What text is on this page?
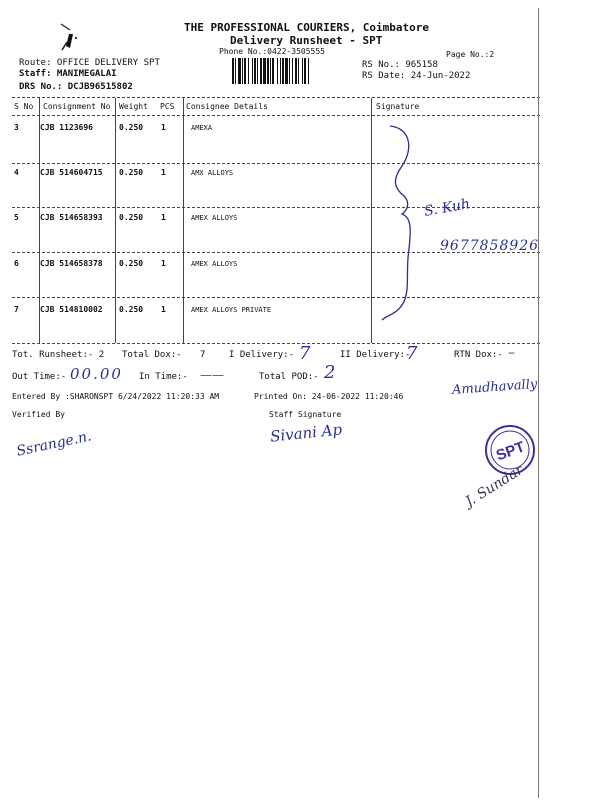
THE PROFESSIONAL COURIERS, Coimbatore
Delivery Runsheet - SPT
Phone No.:0422-3505555	Page No.:2
Route: OFFICE DELIVERY SPT
Staff: MANIMEGALAI
DRS No.: DCJB96515802
RS No.: 965158
RS Date: 24-Jun-2022
S No Consignment No Weight PCS Consignee Details	Signature
3	CJB 1123696	0.250 1	AMEXA
4	CJB 514604715 0.250 1	AMX ALLOYS
5	CJB 514658393 0.250 1	AMEX ALLOYS
6	CJB 514658378 0.250 1	AMEX ALLOYS
7	CJB 514810002 0.250 1	AMEX ALLOYS PRIVATE
S. Kuh
9677858926
Tot. Runsheet:- 2 Total Dox:- 7	I Delivery:- 7	II Delivery:-
7	RTN Dox:- –
Out Time:- 00.00 In Time:- ——	Total POD:- 2
Entered By :SHARONSPT 6/24/2022 11:20:33 AM	Printed On: 24-06-2022 11:20:46	Amudhavally
Verified By	Staff Signature
Ssrange.n.	Sivani Ap
SPT
J. Sundar
